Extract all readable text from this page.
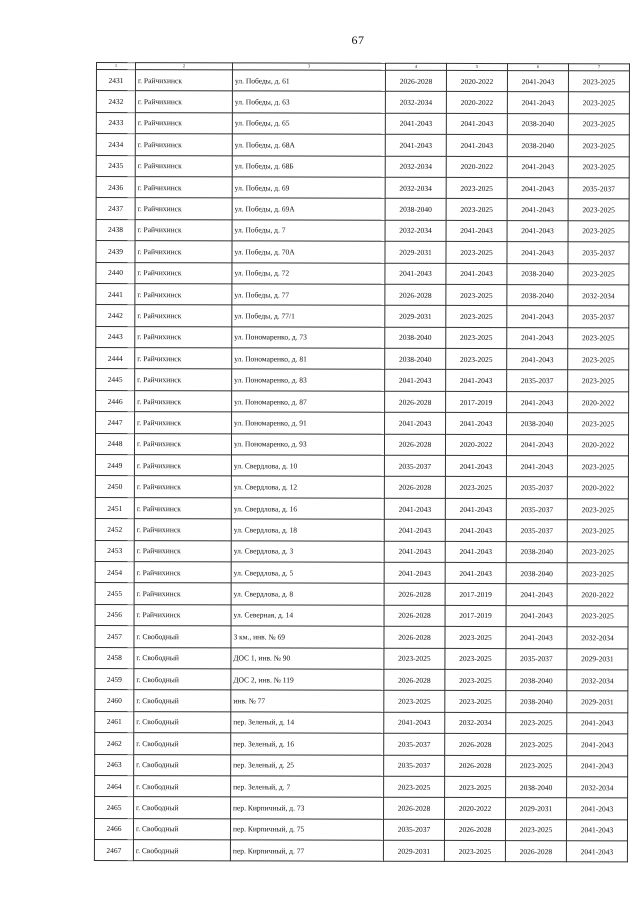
67
1	2	3	4	5	6	7
2431	г. Райчихинск	ул. Победы, д. 61	2026-2028	2020-2022	2041-2043	2023-2025
2432	г. Райчихинск	ул. Победы, д. 63	2032-2034	2020-2022	2041-2043	2023-2025
2433	г. Райчихинск	ул. Победы, д. 65	2041-2043	2041-2043	2038-2040	2023-2025
2434	г. Райчихинск	ул. Победы, д. 68А	2041-2043	2041-2043	2038-2040	2023-2025
2435	г. Райчихинск	ул. Победы, д. 68Б	2032-2034	2020-2022	2041-2043	2023-2025
2436	г. Райчихинск	ул. Победы, д. 69	2032-2034	2023-2025	2041-2043	2035-2037
2437	г. Райчихинск	ул. Победы, д. 69А	2038-2040	2023-2025	2041-2043	2023-2025
2438	г. Райчихинск	ул. Победы, д. 7	2032-2034	2041-2043	2041-2043	2023-2025
2439	г. Райчихинск	ул. Победы, д. 70А	2029-2031	2023-2025	2041-2043	2035-2037
2440	г. Райчихинск	ул. Победы, д. 72	2041-2043	2041-2043	2038-2040	2023-2025
2441	г. Райчихинск	ул. Победы, д. 77	2026-2028	2023-2025	2038-2040	2032-2034
2442	г. Райчихинск	ул. Победы, д. 77/1	2029-2031	2023-2025	2041-2043	2035-2037
2443	г. Райчихинск	ул. Пономаренко, д. 73	2038-2040	2023-2025	2041-2043	2023-2025
2444	г. Райчихинск	ул. Пономаренко, д. 81	2038-2040	2023-2025	2041-2043	2023-2025
2445	г. Райчихинск	ул. Пономаренко, д. 83	2041-2043	2041-2043	2035-2037	2023-2025
2446	г. Райчихинск	ул. Пономаренко, д. 87	2026-2028	2017-2019	2041-2043	2020-2022
2447	г. Райчихинск	ул. Пономаренко, д. 91	2041-2043	2041-2043	2038-2040	2023-2025
2448	г. Райчихинск	ул. Пономаренко, д. 93	2026-2028	2020-2022	2041-2043	2020-2022
2449	г. Райчихинск	ул. Свердлова, д. 10	2035-2037	2041-2043	2041-2043	2023-2025
2450	г. Райчихинск	ул. Свердлова, д. 12	2026-2028	2023-2025	2035-2037	2020-2022
2451	г. Райчихинск	ул. Свердлова, д. 16	2041-2043	2041-2043	2035-2037	2023-2025
2452	г. Райчихинск	ул. Свердлова, д. 18	2041-2043	2041-2043	2035-2037	2023-2025
2453	г. Райчихинск	ул. Свердлова, д. 3	2041-2043	2041-2043	2038-2040	2023-2025
2454	г. Райчихинск	ул. Свердлова, д. 5	2041-2043	2041-2043	2038-2040	2023-2025
2455	г. Райчихинск	ул. Свердлова, д. 8	2026-2028	2017-2019	2041-2043	2020-2022
2456	г. Райчихинск	ул. Северная, д. 14	2026-2028	2017-2019	2041-2043	2023-2025
2457	г. Свободный	3 км., инв. № 69	2026-2028	2023-2025	2041-2043	2032-2034
2458	г. Свободный	ДОС 1, инв. № 90	2023-2025	2023-2025	2035-2037	2029-2031
2459	г. Свободный	ДОС 2, инв. № 119	2026-2028	2023-2025	2038-2040	2032-2034
2460	г. Свободный	инв. № 77	2023-2025	2023-2025	2038-2040	2029-2031
2461	г. Свободный	пер. Зеленый, д. 14	2041-2043	2032-2034	2023-2025	2041-2043
2462	г. Свободный	пер. Зеленый, д. 16	2035-2037	2026-2028	2023-2025	2041-2043
2463	г. Свободный	пер. Зеленый, д. 25	2035-2037	2026-2028	2023-2025	2041-2043
2464	г. Свободный	пер. Зеленый, д. 7	2023-2025	2023-2025	2038-2040	2032-2034
2465	г. Свободный	пер. Кирпичный, д. 73	2026-2028	2020-2022	2029-2031	2041-2043
2466	г. Свободный	пер. Кирпичный, д. 75	2035-2037	2026-2028	2023-2025	2041-2043
2467	г. Свободный	пер. Кирпичный, д. 77	2029-2031	2023-2025	2026-2028	2041-2043
